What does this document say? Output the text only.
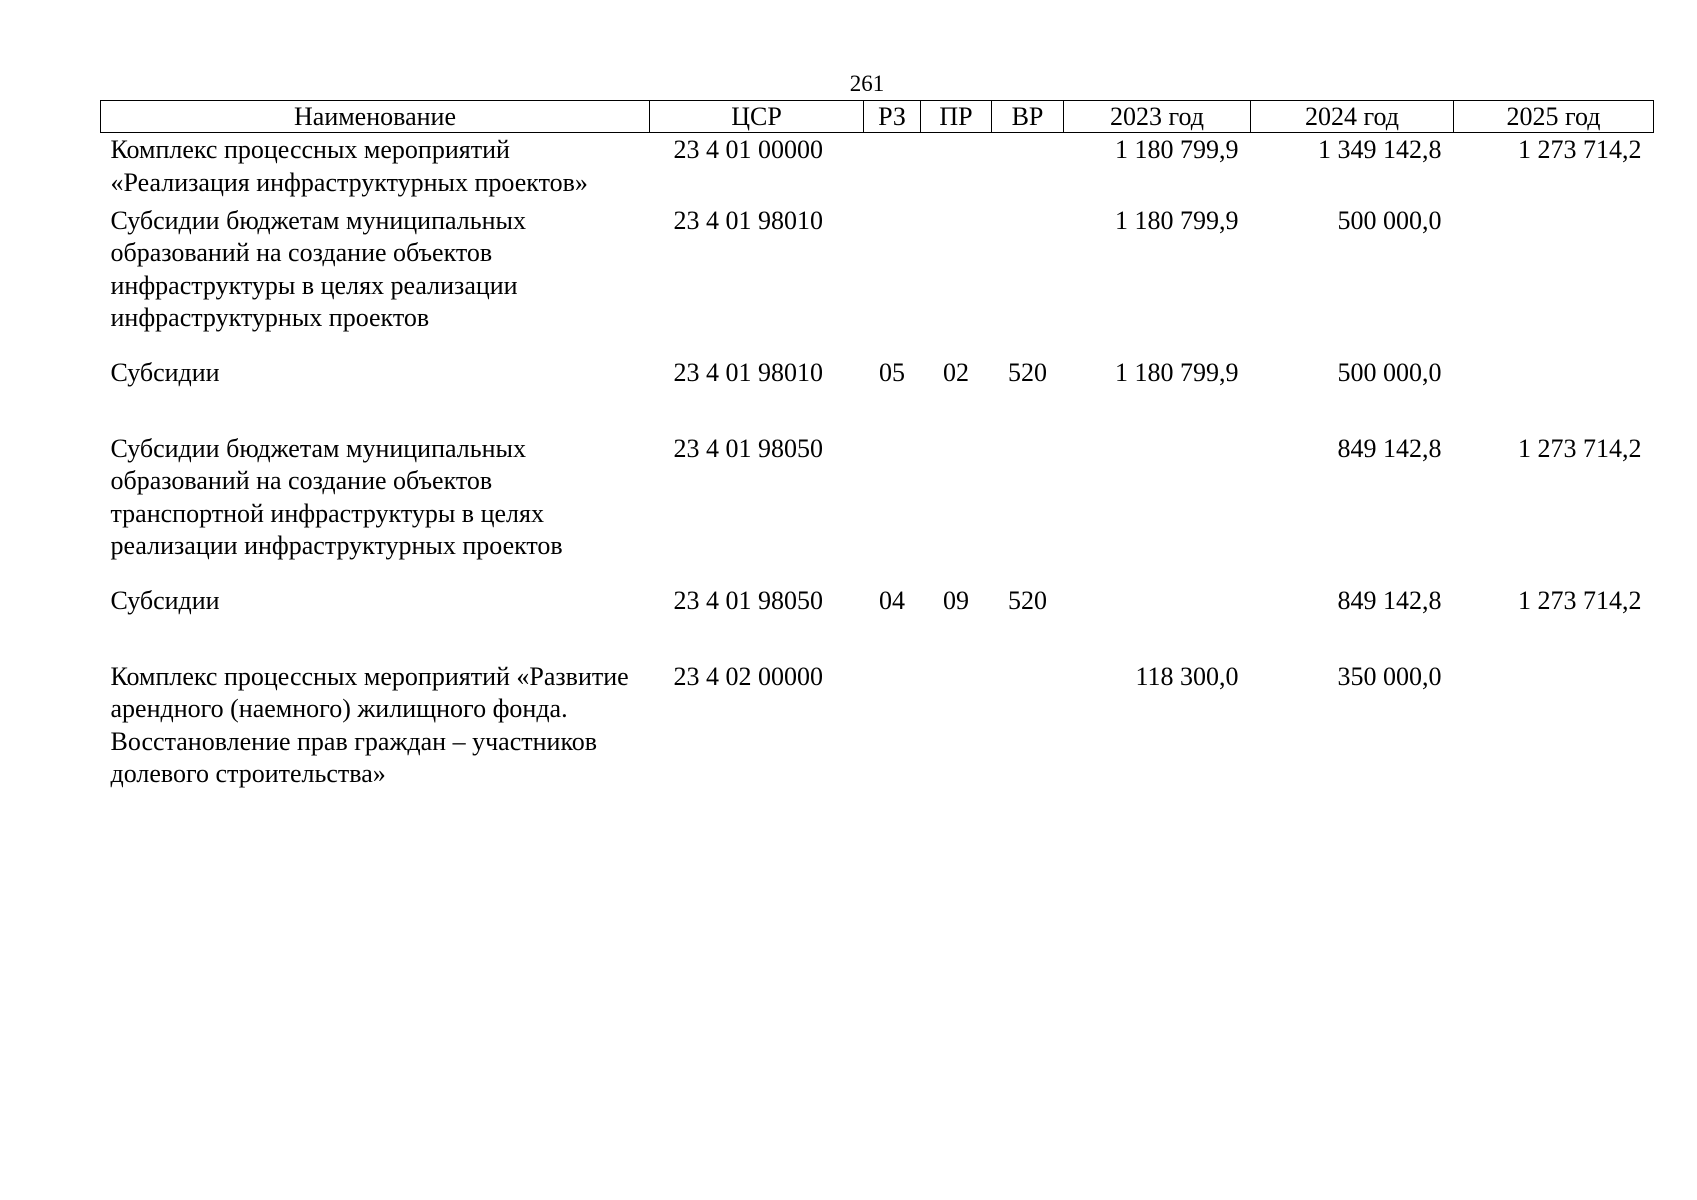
261
Наименование	ЦСР	РЗ	ПР	ВР	2023 год	2024 год	2025 год
Комплекс процессных мероприятий «Реализация инфраструктурных проектов»	23 4 01 00000				1 180 799,9	1 349 142,8	1 273 714,2
Субсидии бюджетам муниципальных образований на создание объектов инфраструктуры в целях реализации инфраструктурных проектов	23 4 01 98010				1 180 799,9	500 000,0	
Субсидии	23 4 01 98010	05	02	520	1 180 799,9	500 000,0	
Субсидии бюджетам муниципальных образований на создание объектов транспортной инфраструктуры в целях реализации инфраструктурных проектов	23 4 01 98050					849 142,8	1 273 714,2
Субсидии	23 4 01 98050	04	09	520		849 142,8	1 273 714,2
Комплекс процессных мероприятий «Развитие арендного (наемного) жилищного фонда. Восстановление прав граждан – участников долевого строительства»	23 4 02 00000				118 300,0	350 000,0	
